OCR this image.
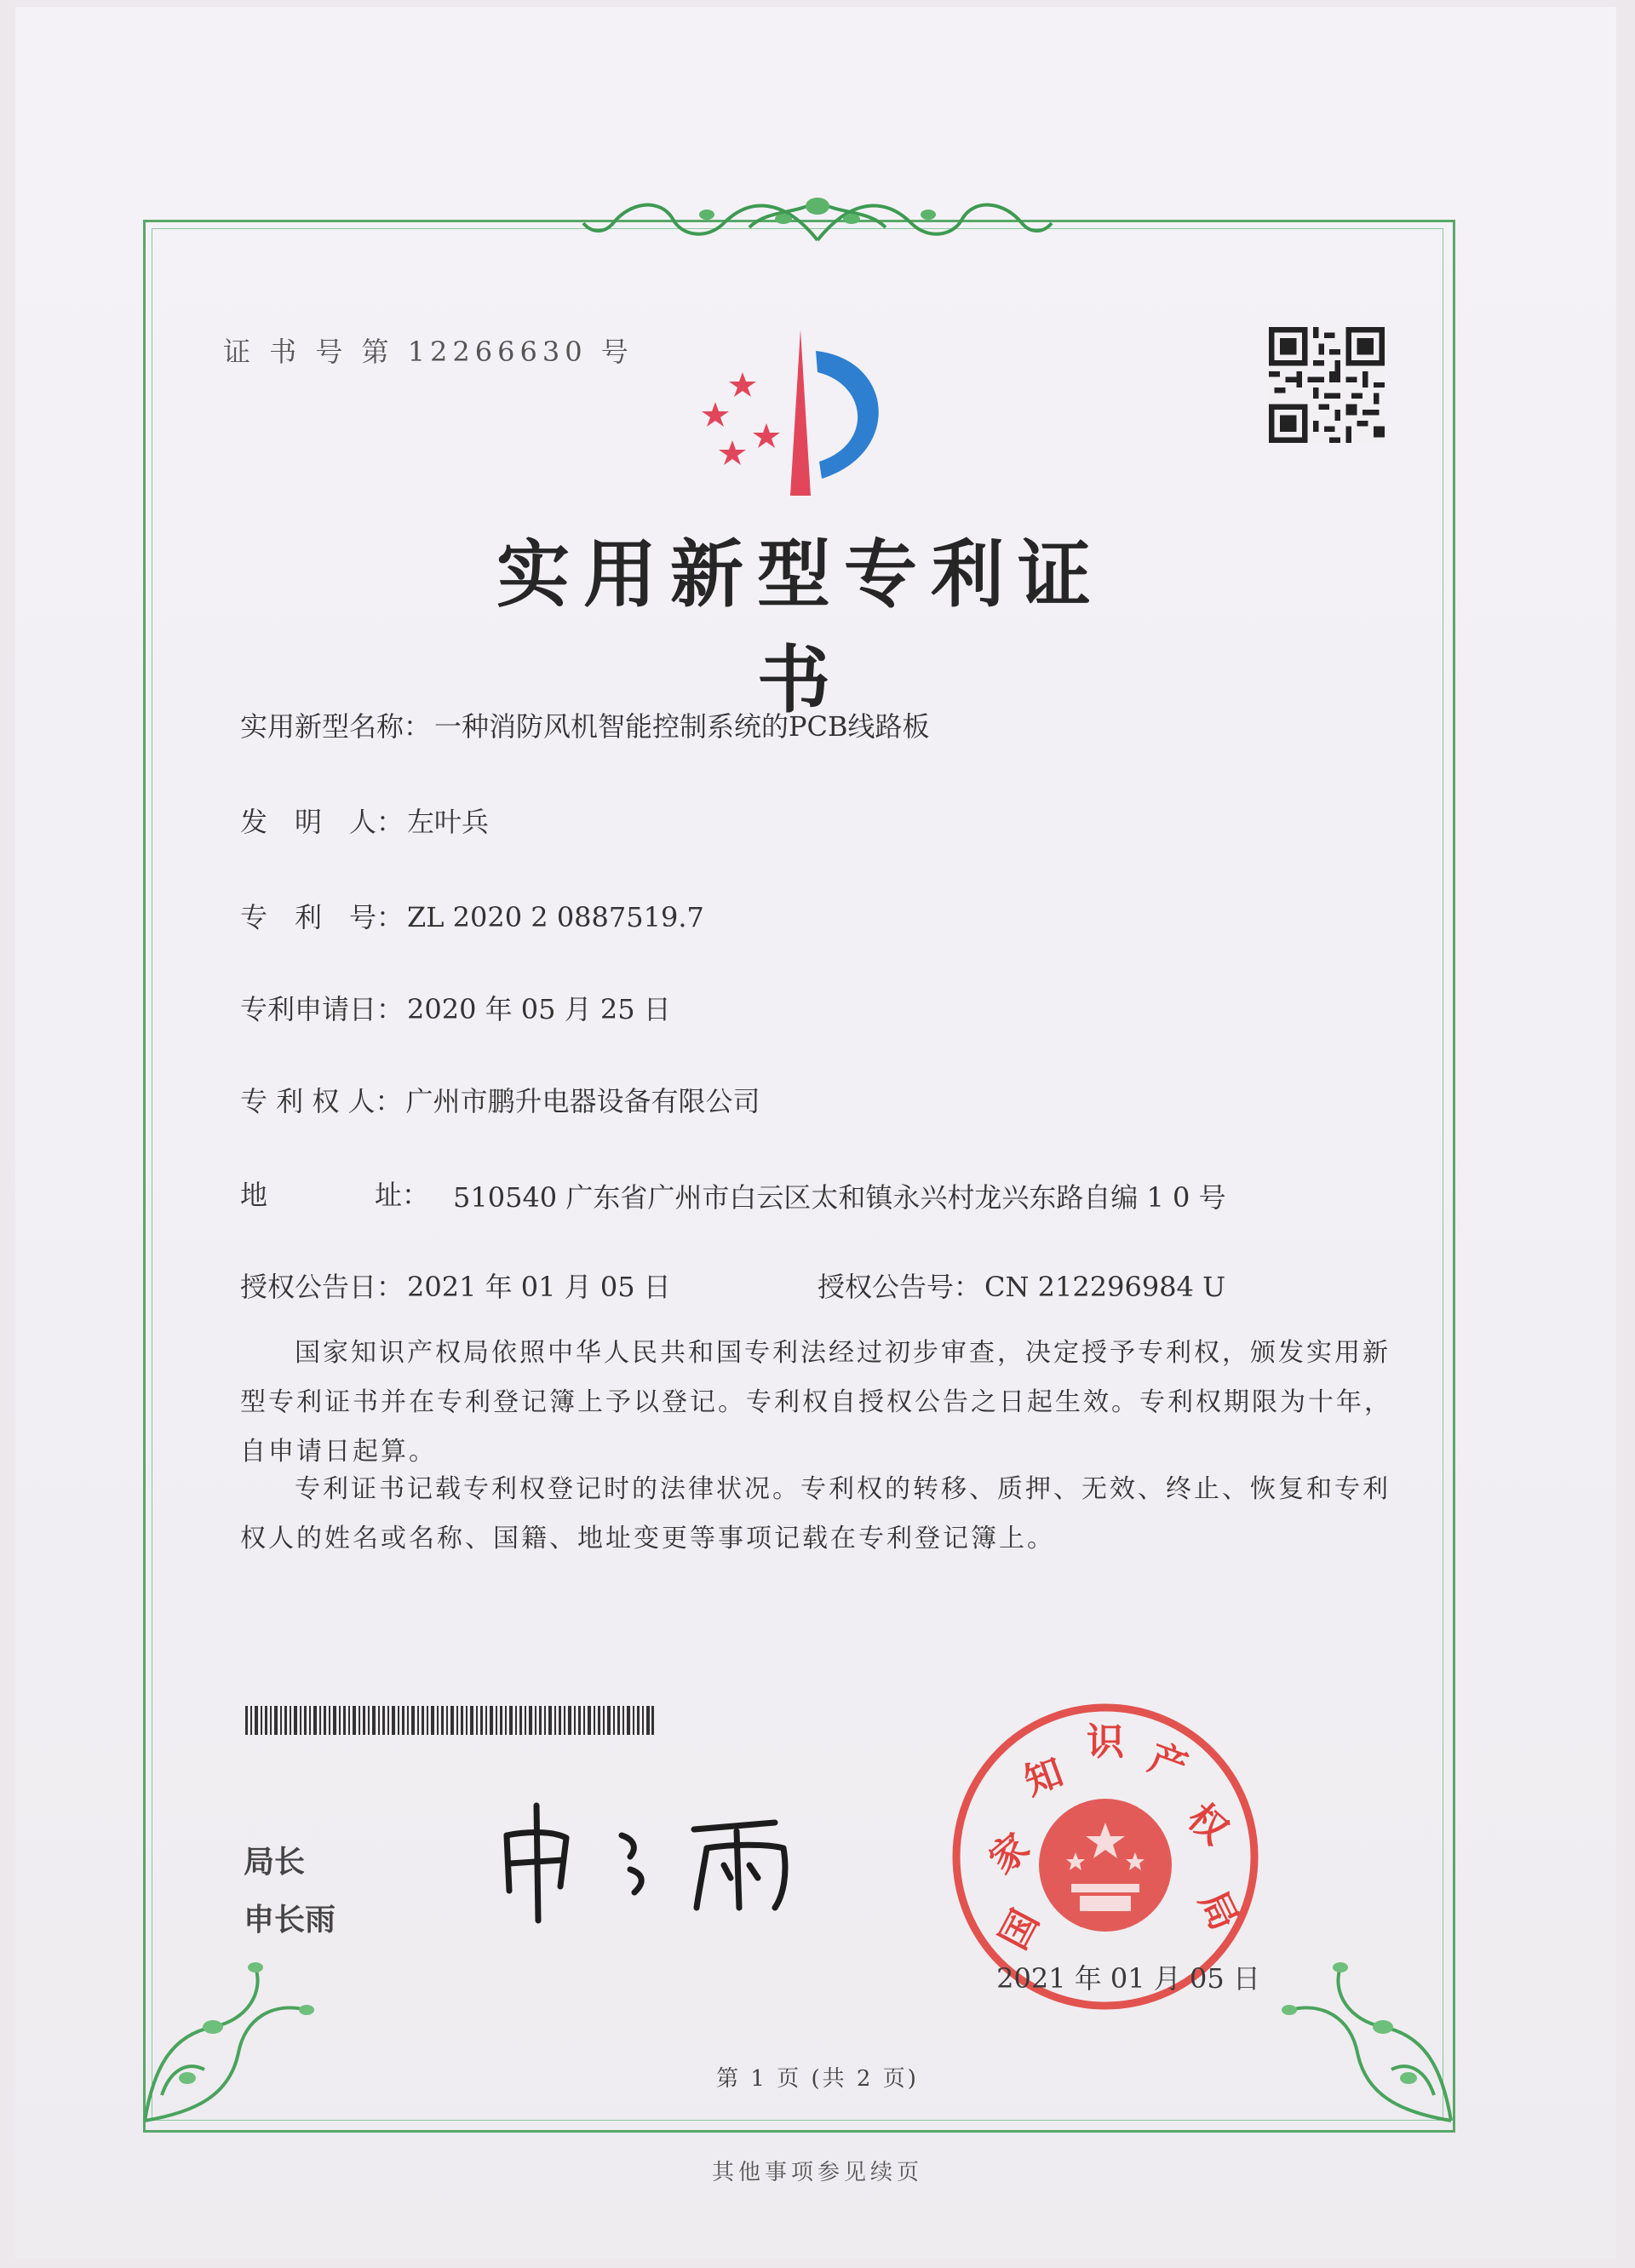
证 书 号 第 12266630 号
实用新型专利证书
实用新型名称： 一种消防风机智能控制系统的PCB线路板
发　明　人： 左叶兵
专　利　号： ZL 2020 2 0887519.7
专利申请日： 2020 年 05 月 25 日
专 利 权 人： 广州市鹏升电器设备有限公司
地	址： 510540 广东省广州市白云区太和镇永兴村龙兴东路自编 1 0 号
授权公告日： 2021 年 01 月 05 日	授权公告号： CN 212296984 U
国家知识产权局依照中华人民共和国专利法经过初步审查，决定授予专利权，颁发实用新型专利证书并在专利登记簿上予以登记。专利权自授权公告之日起生效。专利权期限为十年，自申请日起算。
专利证书记载专利权登记时的法律状况。专利权的转移、质押、无效、终止、恢复和专利权人的姓名或名称、国籍、地址变更等事项记载在专利登记簿上。
局长
申长雨	国
家
知
识 产
权
局
2021 年 01 月 05 日
第 1 页 (共 2 页)
其他事项参见续页
